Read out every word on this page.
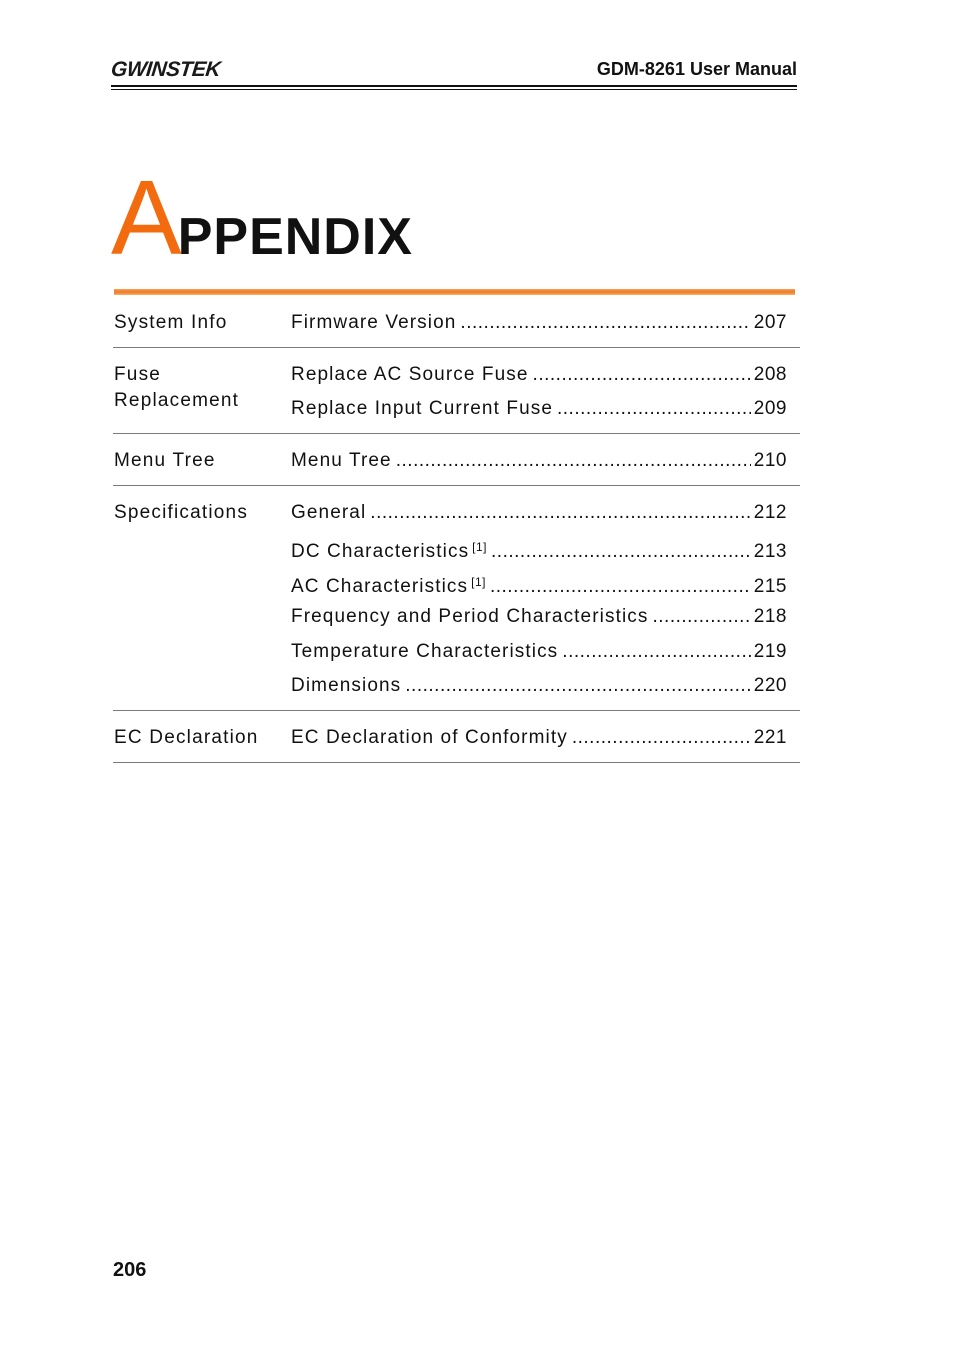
GWINSTEK	GDM-8261 User Manual
APPENDIX
System Info	Firmware Version .....	207
Fuse Replacement
Replace AC Source Fuse .....	208
Replace Input Current Fuse .....	209
Menu Tree	Menu Tree .....	210
Specifications	General .....	212
DC Characteristics [1] .....	213
AC Characteristics [1] .....	215
Frequency and Period Characteristics .....	218
Temperature Characteristics .....	219
Dimensions .....	220
EC Declaration	EC Declaration of Conformity .....	221
206
